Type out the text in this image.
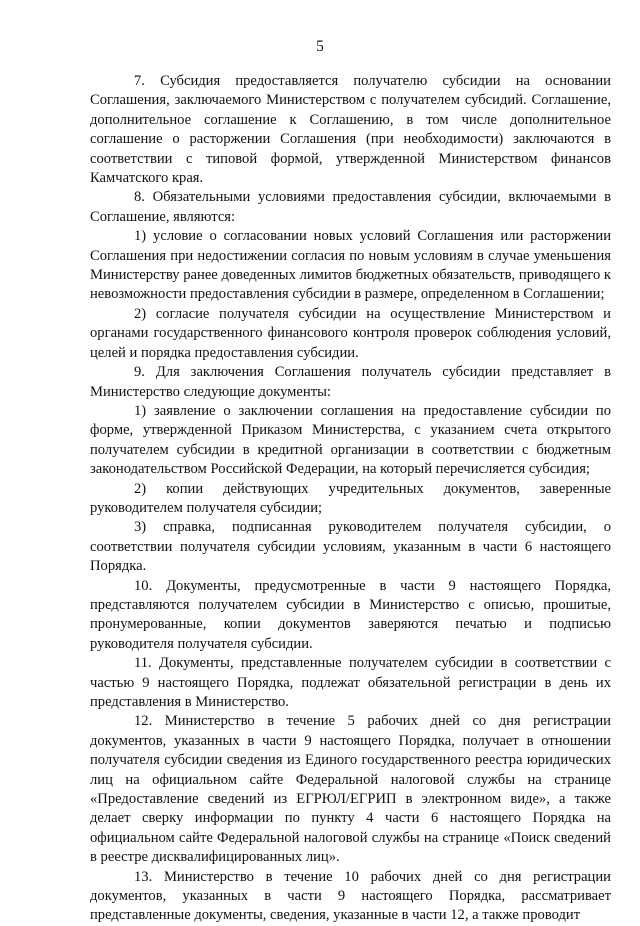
5

7. Субсидия предоставляется получателю субсидии на основании Соглашения, заключаемого Министерством с получателем субсидий. Соглашение, дополнительное соглашение к Соглашению, в том числе дополнительное соглашение о расторжении Соглашения (при необходимости) заключаются в соответствии с типовой формой, утвержденной Министерством финансов Камчатского края.

8. Обязательными условиями предоставления субсидии, включаемыми в Соглашение, являются:

1) условие о согласовании новых условий Соглашения или расторжении Соглашения при недостижении согласия по новым условиям в случае уменьшения Министерству ранее доведенных лимитов бюджетных обязательств, приводящего к невозможности предоставления субсидии в размере, определенном в Соглашении;

2) согласие получателя субсидии на осуществление Министерством и органами государственного финансового контроля проверок соблюдения условий, целей и порядка предоставления субсидии.

9. Для заключения Соглашения получатель субсидии представляет в Министерство следующие документы:

1) заявление о заключении соглашения на предоставление субсидии по форме, утвержденной Приказом Министерства, с указанием счета открытого получателем субсидии в кредитной организации в соответствии с бюджетным законодательством Российской Федерации, на который перечисляется субсидия;

2) копии действующих учредительных документов, заверенные руководителем получателя субсидии;

3) справка, подписанная руководителем получателя субсидии, о соответствии получателя субсидии условиям, указанным в части 6 настоящего Порядка.

10. Документы, предусмотренные в части 9 настоящего Порядка, представляются получателем субсидии в Министерство с описью, прошитые, пронумерованные, копии документов заверяются печатью и подписью руководителя получателя субсидии.

11. Документы, представленные получателем субсидии в соответствии с частью 9 настоящего Порядка, подлежат обязательной регистрации в день их представления в Министерство.

12. Министерство в течение 5 рабочих дней со дня регистрации документов, указанных в части 9 настоящего Порядка, получает в отношении получателя субсидии сведения из Единого государственного реестра юридических лиц на официальном сайте Федеральной налоговой службы на странице «Предоставление сведений из ЕГРЮЛ/ЕГРИП в электронном виде», а также делает сверку информации по пункту 4 части 6 настоящего Порядка на официальном сайте Федеральной налоговой службы на странице «Поиск сведений в реестре дисквалифицированных лиц».

13. Министерство в течение 10 рабочих дней со дня регистрации документов, указанных в части 9 настоящего Порядка, рассматривает представленные документы, сведения, указанные в части 12, а также проводит
